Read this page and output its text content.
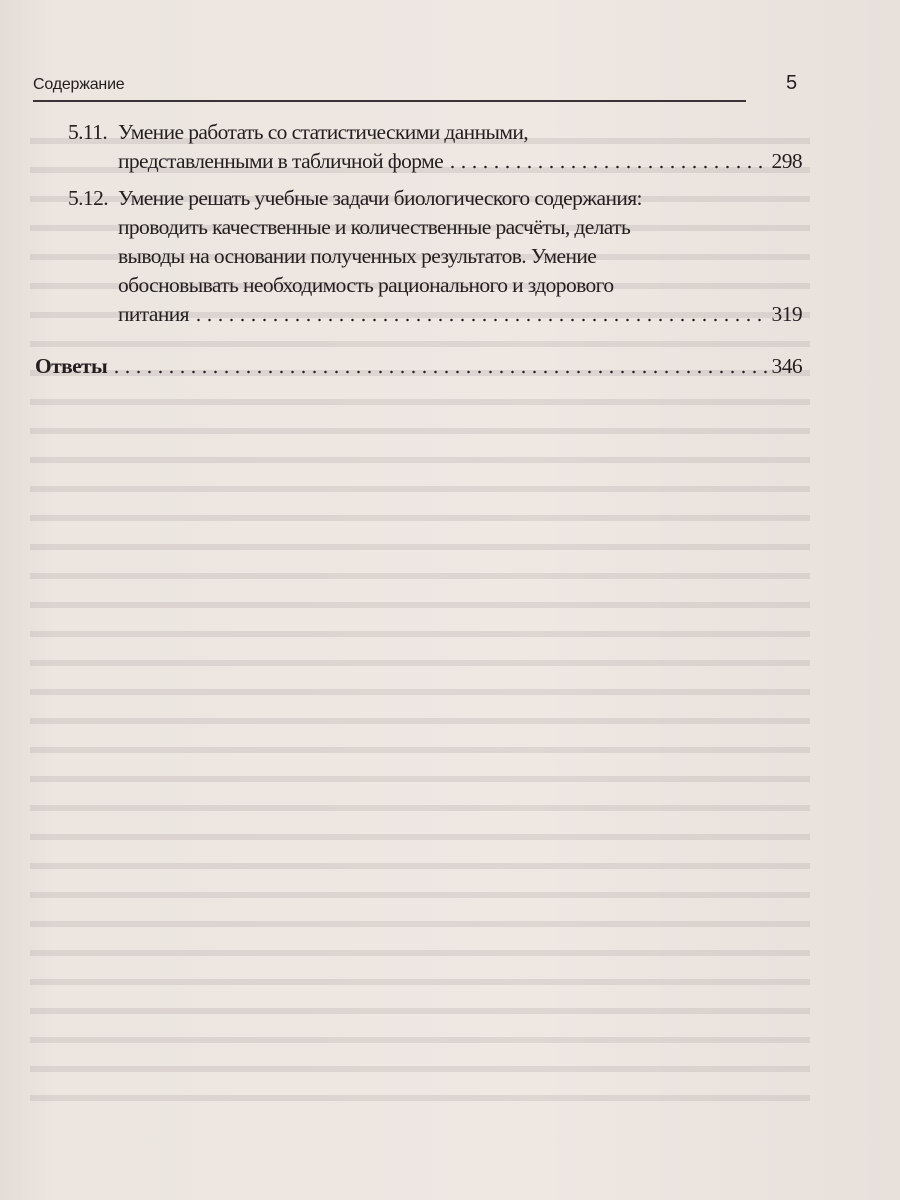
Содержание	5
5.11. Умение работать со статистическими данными,
представленными в табличной форме	298
5.12. Умение решать учебные задачи биологического содержания:
проводить качественные и количественные расчёты, делать
выводы на основании полученных результатов. Умение
обосновывать необходимость рационального и здорового
питания	319
Ответы	346
